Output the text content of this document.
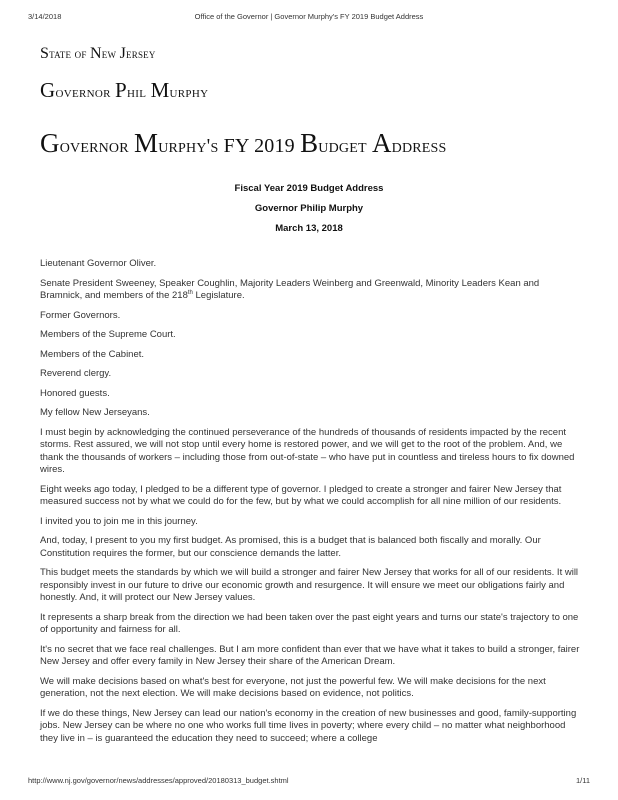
3/14/2018	Office of the Governor | Governor Murphy's FY 2019 Budget Address
State of New Jersey
Governor Phil Murphy
Governor Murphy's FY 2019 Budget Address
Fiscal Year 2019 Budget Address
Governor Philip Murphy
March 13, 2018

Lieutenant Governor Oliver.

Senate President Sweeney, Speaker Coughlin, Majority Leaders Weinberg and Greenwald, Minority Leaders Kean and Bramnick, and members of the 218th Legislature.

Former Governors.

Members of the Supreme Court.

Members of the Cabinet.

Reverend clergy.

Honored guests.

My fellow New Jerseyans.

I must begin by acknowledging the continued perseverance of the hundreds of thousands of residents impacted by the recent storms. Rest assured, we will not stop until every home is restored power, and we will get to the root of the problem. And, we thank the thousands of workers – including those from out-of-state – who have put in countless and tireless hours to fix downed wires.

Eight weeks ago today, I pledged to be a different type of governor. I pledged to create a stronger and fairer New Jersey that measured success not by what we could do for the few, but by what we could accomplish for all nine million of our residents.

I invited you to join me in this journey.

And, today, I present to you my first budget. As promised, this is a budget that is balanced both fiscally and morally. Our Constitution requires the former, but our conscience demands the latter.

This budget meets the standards by which we will build a stronger and fairer New Jersey that works for all of our residents. It will responsibly invest in our future to drive our economic growth and resurgence. It will ensure we meet our obligations fairly and honestly. And, it will protect our New Jersey values.

It represents a sharp break from the direction we had been taken over the past eight years and turns our state's trajectory to one of opportunity and fairness for all.

It's no secret that we face real challenges. But I am more confident than ever that we have what it takes to build a stronger, fairer New Jersey and offer every family in New Jersey their share of the American Dream.

We will make decisions based on what's best for everyone, not just the powerful few. We will make decisions for the next generation, not the next election. We will make decisions based on evidence, not politics.

If we do these things, New Jersey can lead our nation's economy in the creation of new businesses and good, family-supporting jobs. New Jersey can be where no one who works full time lives in poverty; where every child – no matter what neighborhood they live in – is guaranteed the education they need to succeed; where a college

http://www.nj.gov/governor/news/addresses/approved/20180313_budget.shtml	1/11
